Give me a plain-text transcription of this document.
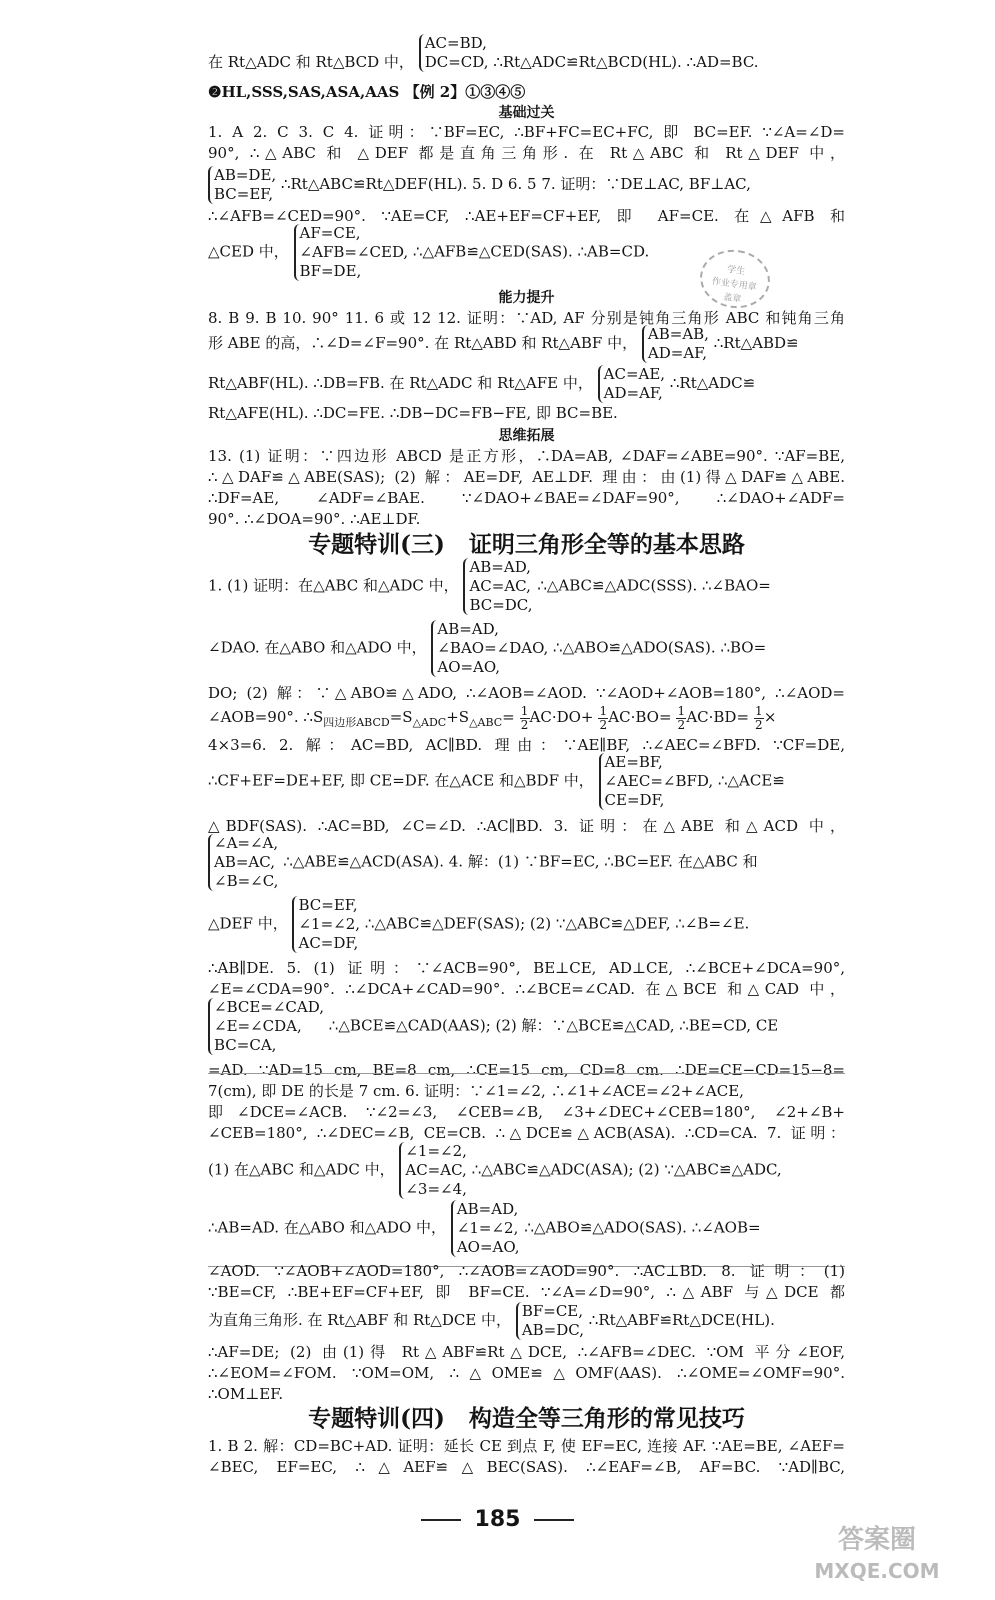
在 Rt△ADC 和 Rt△BCD 中， AC=BD,
DC=CD, ∴Rt△ADC≌Rt△BCD(HL). ∴AD=BC.
❷HL,SSS,SAS,ASA,AAS 【例 2】①③④⑤
基础过关
1. A 2. C 3. C 4. 证明：∵BF=EC, ∴BF+FC=EC+FC, 即 BC=EF. ∵∠A=∠D=
90°, ∴△ABC 和 △DEF 都是直角三角形. 在 Rt△ABC 和 Rt△DEF 中，
AB=DE,
BC=EF, ∴Rt△ABC≌Rt△DEF(HL). 5. D 6. 5 7. 证明：∵DE⊥AC, BF⊥AC,
∴∠AFB=∠CED=90°. ∵AE=CF, ∴AE+EF=CF+EF, 即 AF=CE. 在△AFB 和
△CED 中， AF=CE,
∠AFB=∠CED,
BF=DE, ∴△AFB≌△CED(SAS). ∴AB=CD.
学生
作业专用章
盖章
能力提升
8. B 9. B 10. 90° 11. 6 或 12 12. 证明：∵AD, AF 分别是钝角三角形 ABC 和钝角三角
形 ABE 的高，∴∠D=∠F=90°. 在 Rt△ABD 和 Rt△ABF 中， AB=AB,
AD=AF, ∴Rt△ABD≌
Rt△ABF(HL). ∴DB=FB. 在 Rt△ADC 和 Rt△AFE 中， AC=AE,
AD=AF, ∴Rt△ADC≌
Rt△AFE(HL). ∴DC=FE. ∴DB−DC=FB−FE, 即 BC=BE.
思维拓展
13. (1) 证明：∵四边形 ABCD 是正方形，∴DA=AB, ∠DAF=∠ABE=90°. ∵AF=BE,
∴△DAF≌△ABE(SAS); (2) 解：AE=DF, AE⊥DF. 理由：由(1)得△DAF≌△ABE.
∴DF=AE, ∠ADF=∠BAE. ∵∠DAO+∠BAE=∠DAF=90°, ∴∠DAO+∠ADF=
90°. ∴∠DOA=90°. ∴AE⊥DF.
专题特训(三) 证明三角形全等的基本思路
1. (1) 证明：在△ABC 和△ADC 中， AB=AD,
AC=AC,
BC=DC, ∴△ABC≌△ADC(SSS). ∴∠BAO=
∠DAO. 在△ABO 和△ADO 中， AB=AD,
∠BAO=∠DAO,
AO=AO, ∴△ABO≌△ADO(SAS). ∴BO=
DO; (2) 解：∵△ABO≌△ADO, ∴∠AOB=∠AOD. ∵∠AOD+∠AOB=180°, ∴∠AOD=
∠AOB=90°. $\therefore S_{四边形ABCD}=S_{\triangle ADC}+S_{\triangle ABC}= \frac{1}{2}AC\cdot DO+ \frac{1}{2}AC\cdot BO= \frac{1}{2}AC\cdot BD= \frac{1}{2}\times$
4×3=6. 2. 解：AC=BD, AC∥BD. 理由：∵AE∥BF, ∴∠AEC=∠BFD. ∵CF=DE,
∴CF+EF=DE+EF, 即 CE=DF. 在△ACE 和△BDF 中， AE=BF,
∠AEC=∠BFD,
CE=DF, ∴△ACE≌
△BDF(SAS). ∴AC=BD, ∠C=∠D. ∴AC∥BD. 3. 证明：在△ABE 和△ACD 中，
∠A=∠A,
AB=AC,
∠B=∠C, ∴△ABE≌△ACD(ASA). 4. 解：(1) ∵BF=EC, ∴BC=EF. 在△ABC 和
△DEF 中， BC=EF,
∠1=∠2,
AC=DF, ∴△ABC≌△DEF(SAS); (2) ∵△ABC≌△DEF, ∴∠B=∠E.
∴AB∥DE. 5. (1) 证明：∵∠ACB=90°, BE⊥CE, AD⊥CE, ∴∠BCE+∠DCA=90°,
∠E=∠CDA=90°. ∴∠DCA+∠CAD=90°. ∴∠BCE=∠CAD. 在△BCE 和△CAD 中，
∠BCE=∠CAD,
∠E=∠CDA,
BC=CA, ∴△BCE≌△CAD(AAS); (2) 解：∵△BCE≌△CAD, ∴BE=CD, CE
=AD. ∵AD=15 cm, BE=8 cm, ∴CE=15 cm, CD=8 cm. ∴DE=CE−CD=15−8=
7(cm), 即 DE 的长是 7 cm. 6. 证明：∵∠1=∠2, ∴∠1+∠ACE=∠2+∠ACE,
即∠DCE=∠ACB. ∵∠2=∠3, ∠CEB=∠B, ∠3+∠DEC+∠CEB=180°, ∠2+∠B+
∠CEB=180°, ∴∠DEC=∠B, CE=CB. ∴△DCE≌△ACB(ASA). ∴CD=CA. 7. 证明：
(1) 在△ABC 和△ADC 中， ∠1=∠2,
AC=AC,
∠3=∠4, ∴△ABC≌△ADC(ASA); (2) ∵△ABC≌△ADC,
∴AB=AD. 在△ABO 和△ADO 中， AB=AD,
∠1=∠2,
AO=AO, ∴△ABO≌△ADO(SAS). ∴∠AOB=
∠AOD. ∵∠AOB+∠AOD=180°, ∴∠AOB=∠AOD=90°. ∴AC⊥BD. 8. 证明：(1)
∵BE=CF, ∴BE+EF=CF+EF, 即 BF=CE. ∵∠A=∠D=90°, ∴△ABF 与△DCE 都
为直角三角形. 在 Rt△ABF 和 Rt△DCE 中， BF=CE,
AB=DC, ∴Rt△ABF≌Rt△DCE(HL).
∴AF=DE; (2) 由(1)得 Rt△ABF≌Rt△DCE, ∴∠AFB=∠DEC. ∵OM 平分∠EOF,
∴∠EOM=∠FOM. ∵OM=OM, ∴△OME≌△OMF(AAS). ∴∠OME=∠OMF=90°.
∴OM⊥EF.
专题特训(四) 构造全等三角形的常见技巧
1. B 2. 解：CD=BC+AD. 证明：延长 CE 到点 F, 使 EF=EC, 连接 AF. ∵AE=BE, ∠AEF=
∠BEC, EF=EC, ∴△AEF≌△BEC(SAS). ∴∠EAF=∠B, AF=BC. ∵AD∥BC,
185
答案圈
MXQE.COM
